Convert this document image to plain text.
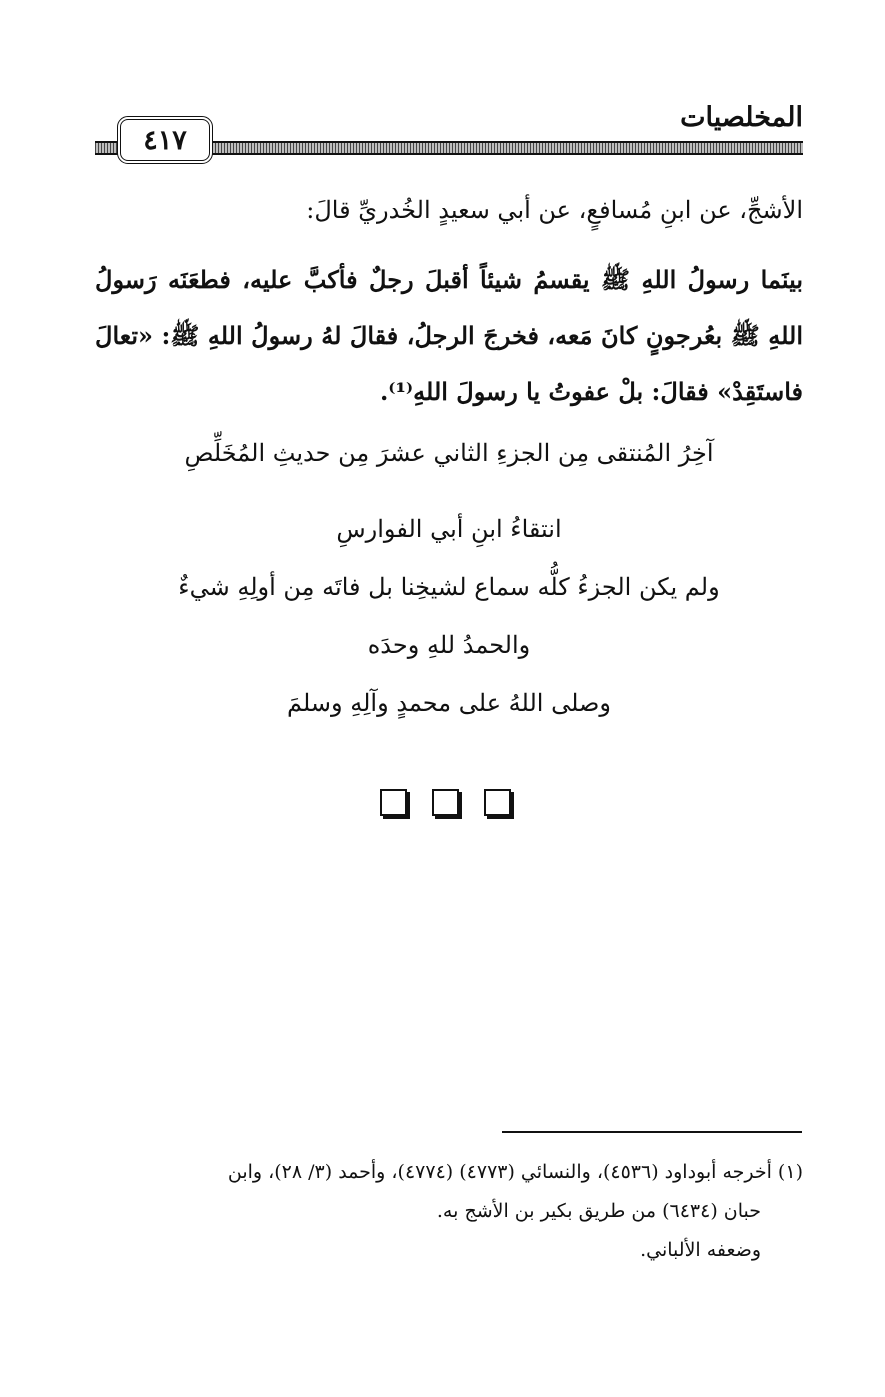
المخلصيات
٤١٧
الأشجِّ، عن ابنِ مُسافعٍ، عن أبي سعيدٍ الخُدريِّ قالَ:

بينَما رسولُ اللهِ ﷺ يقسمُ شيئاً أقبلَ رجلٌ فأكبَّ عليه، فطعَنَه رَسولُ اللهِ ﷺ بعُرجونٍ كانَ مَعه، فخرجَ الرجلُ، فقالَ لهُ رسولُ اللهِ ﷺ: «تعالَ فاستَقِدْ» فقالَ: بلْ عفوتُ يا رسولَ اللهِ⁽¹⁾.

آخِرُ المُنتقى مِن الجزءِ الثاني عشرَ مِن حديثِ المُخَلِّصِ

انتقاءُ ابنِ أبي الفوارسِ

ولم يكن الجزءُ كلُّه سماع لشيخِنا بل فاتَه مِن أولِهِ شيءٌ

والحمدُ للهِ وحدَه

وصلى اللهُ على محمدٍ وآلِهِ وسلمَ

(١) أخرجه أبوداود (٤٥٣٦)، والنسائي (٤٧٧٣) (٤٧٧٤)، وأحمد (٣/ ٢٨)، وابن

حبان (٦٤٣٤) من طريق بكير بن الأشج به.

وضعفه الألباني.
